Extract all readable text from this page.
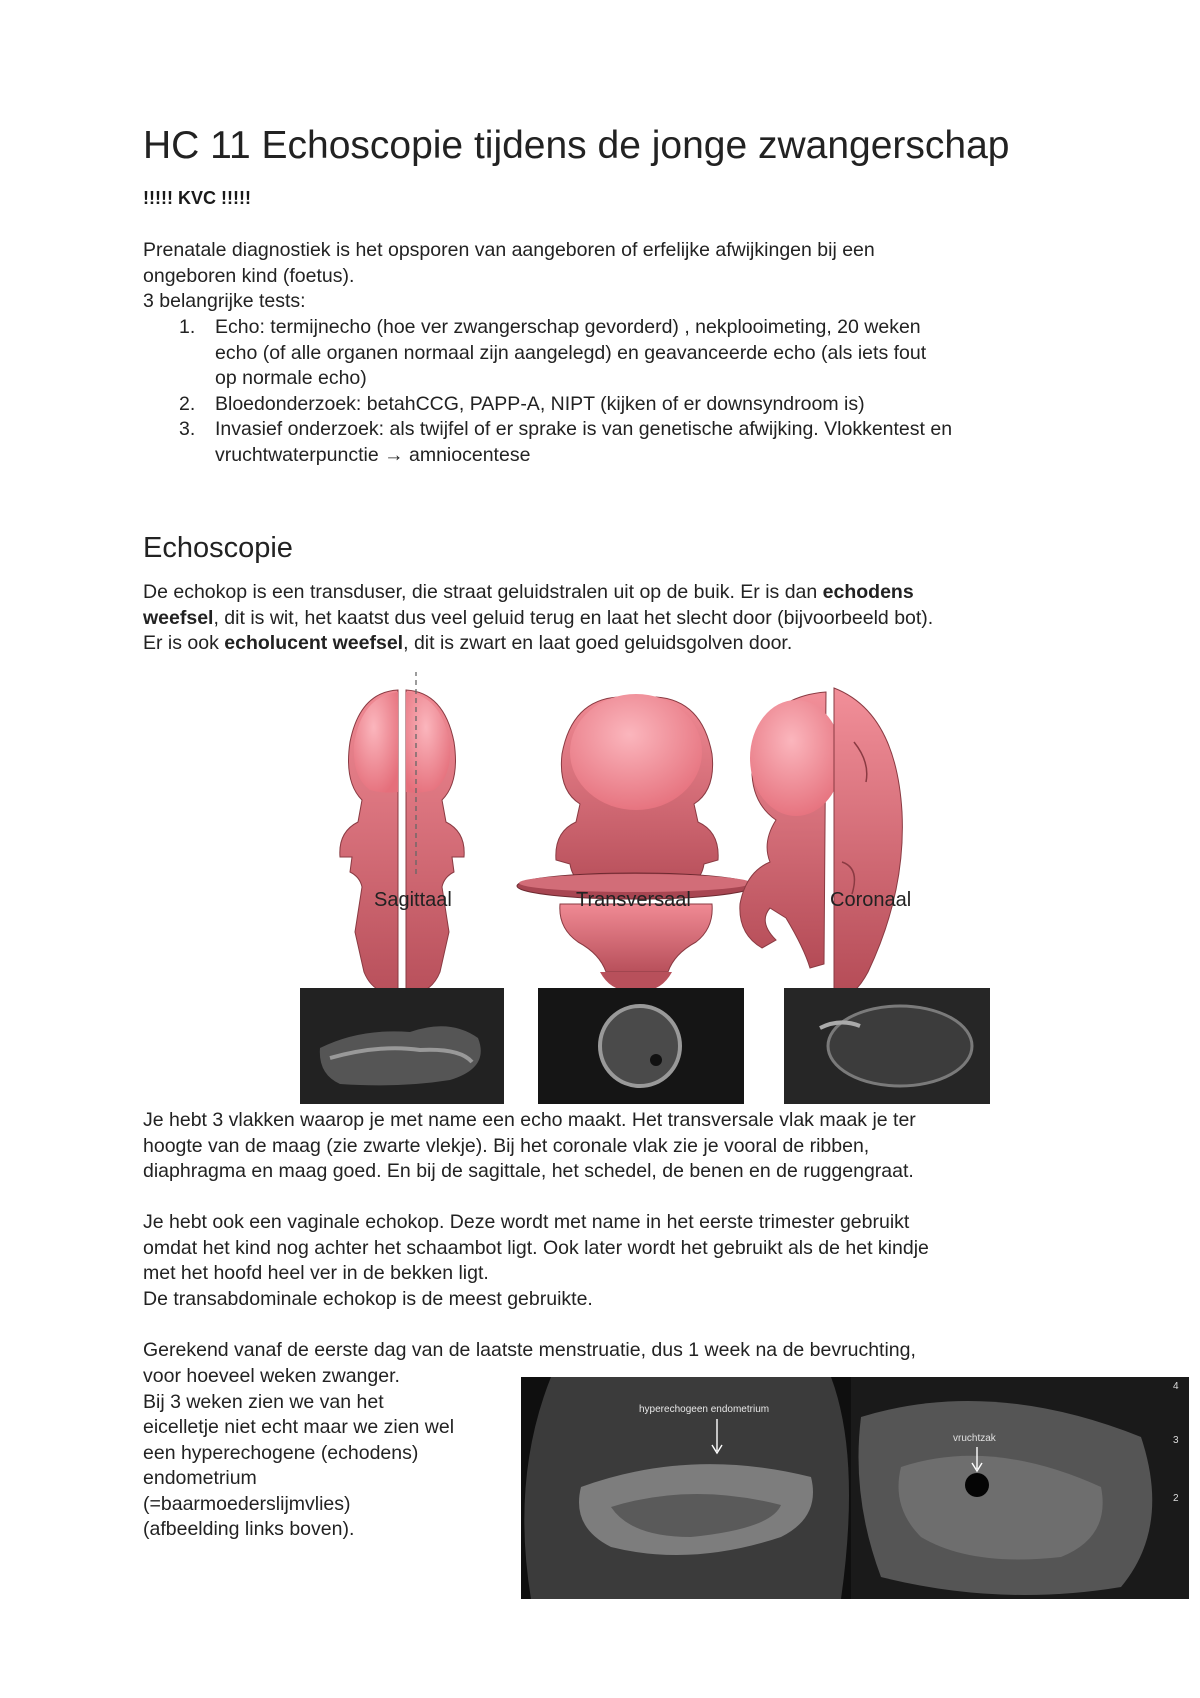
HC 11 Echoscopie tijdens de jonge zwangerschap
!!!!! KVC !!!!!
Prenatale diagnostiek is het opsporen van aangeboren of erfelijke afwijkingen bij een
ongeboren kind (foetus).
3 belangrijke tests:
1. Echo: termijnecho (hoe ver zwangerschap gevorderd) , nekplooimeting, 20 weken
echo (of alle organen normaal zijn aangelegd) en geavanceerde echo (als iets fout
op normale echo)
2. Bloedonderzoek: betahCCG, PAPP-A, NIPT (kijken of er downsyndroom is)
3. Invasief onderzoek: als twijfel of er sprake is van genetische afwijking. Vlokkentest en
vruchtwaterpunctie → amniocentese
Echoscopie
De echokop is een transduser, die straat geluidstralen uit op de buik. Er is dan echodens
weefsel, dit is wit, het kaatst dus veel geluid terug en laat het slecht door (bijvoorbeeld bot).
Er is ook echolucent weefsel, dit is zwart en laat goed geluidsgolven door.
Sagittaal	Transversaal	Coronaal
Je hebt 3 vlakken waarop je met name een echo maakt. Het transversale vlak maak je ter
hoogte van de maag (zie zwarte vlekje). Bij het coronale vlak zie je vooral de ribben,
diaphragma en maag goed. En bij de sagittale, het schedel, de benen en de ruggengraat.
Je hebt ook een vaginale echokop. Deze wordt met name in het eerste trimester gebruikt
omdat het kind nog achter het schaambot ligt. Ook later wordt het gebruikt als de het kindje
met het hoofd heel ver in de bekken ligt.
De transabdominale echokop is de meest gebruikte.
Gerekend vanaf de eerste dag van de laatste menstruatie, dus 1 week na de bevruchting,
voor hoeveel weken zwanger.
Bij 3 weken zien we van het
eicelletje niet echt maar we zien wel
een hyperechogene (echodens)
endometrium
(=baarmoederslijmvlies)
(afbeelding links boven).
hyperechogeen endometrium
vruchtzak
4
3
2
